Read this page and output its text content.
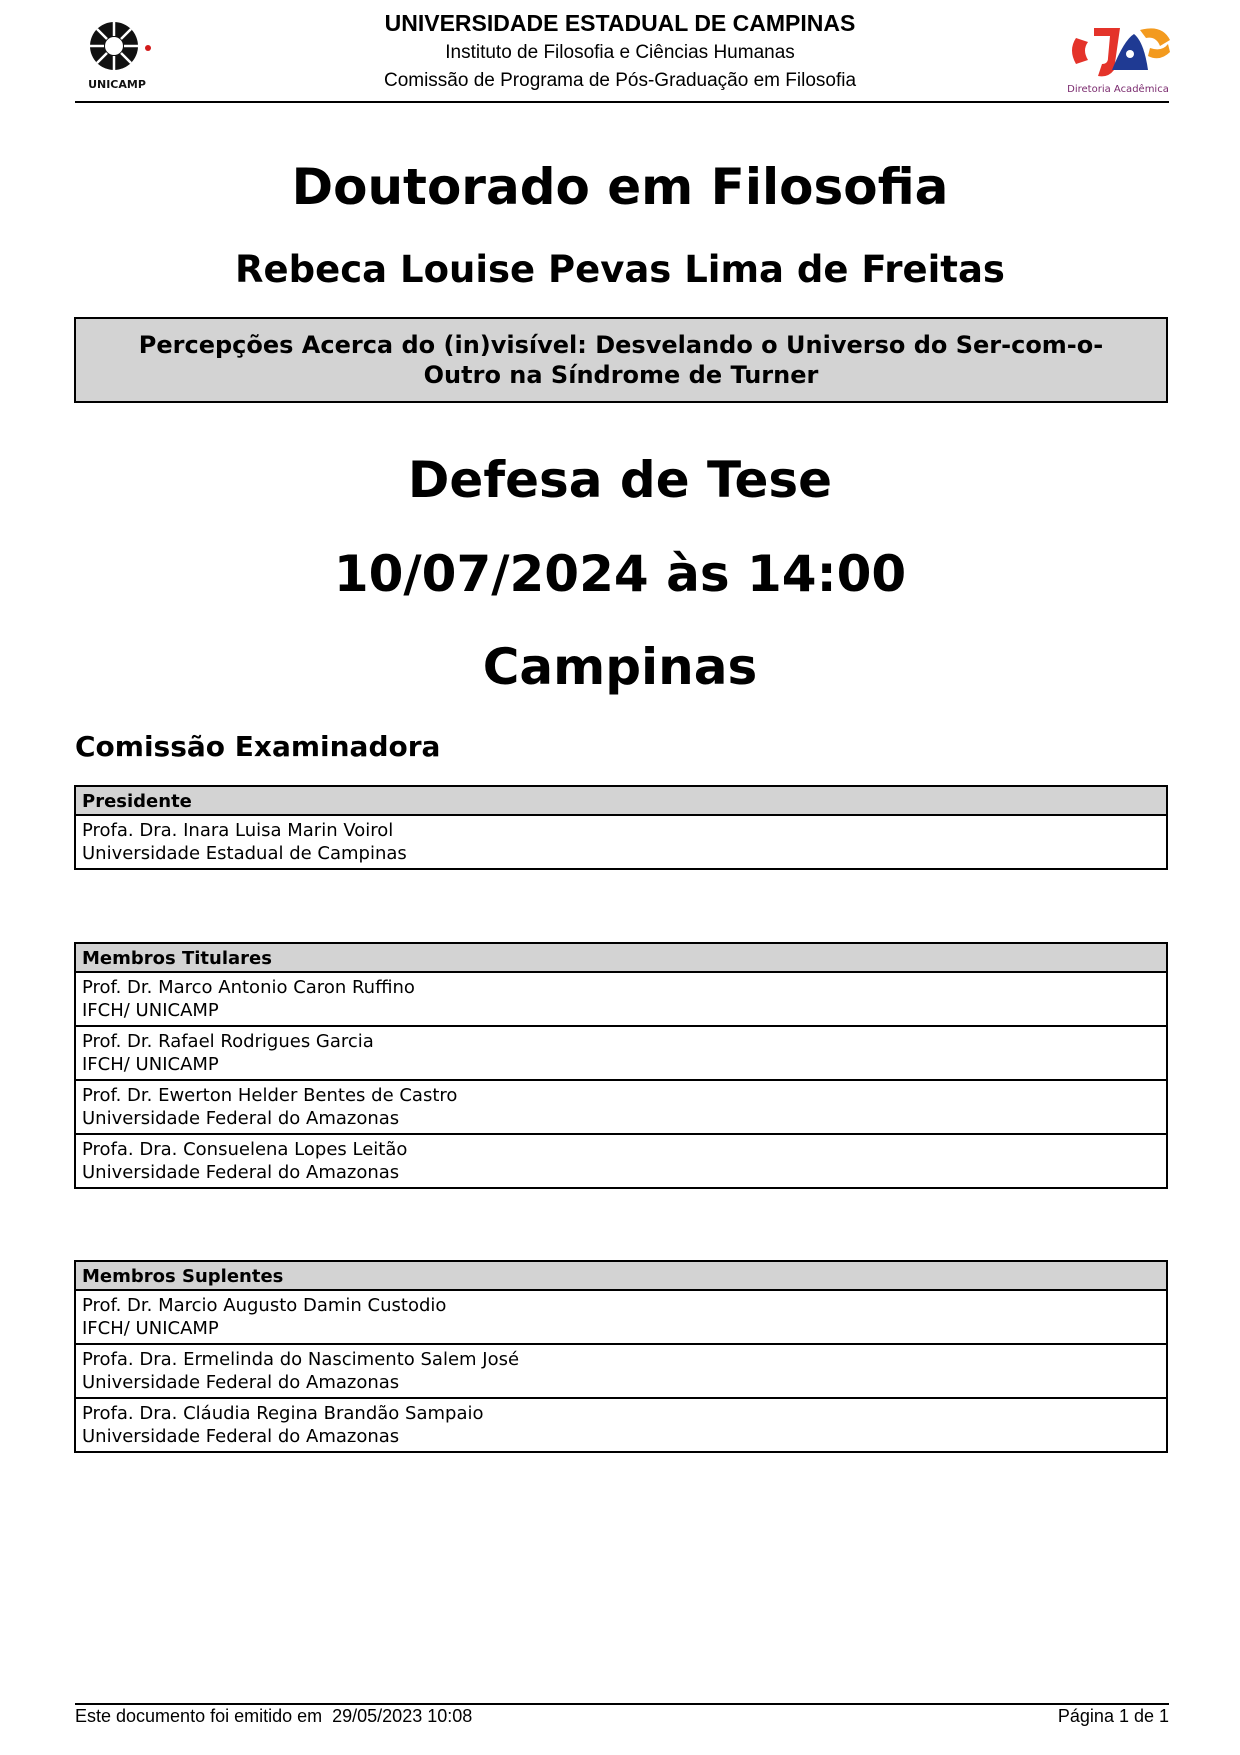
UNICAMP
UNIVERSIDADE ESTADUAL DE CAMPINAS
Instituto de Filosofia e Ciências Humanas
Comissão de Programa de Pós-Graduação em Filosofia	Diretoria Acadêmica
Doutorado em Filosofia
Rebeca Louise Pevas Lima de Freitas
Percepções Acerca do (in)visível: Desvelando o Universo do Ser-com-o-Outro na Síndrome de Turner
Defesa de Tese
10/07/2024 às 14:00
Campinas
Comissão Examinadora
Presidente
Profa. Dra. Inara Luisa Marin Voirol
Universidade Estadual de Campinas
Membros Titulares
Prof. Dr. Marco Antonio Caron Ruffino
IFCH/ UNICAMP
Prof. Dr. Rafael Rodrigues Garcia
IFCH/ UNICAMP
Prof. Dr. Ewerton Helder Bentes de Castro
Universidade Federal do Amazonas
Profa. Dra. Consuelena Lopes Leitão
Universidade Federal do Amazonas
Membros Suplentes
Prof. Dr. Marcio Augusto Damin Custodio
IFCH/ UNICAMP
Profa. Dra. Ermelinda do Nascimento Salem José
Universidade Federal do Amazonas
Profa. Dra. Cláudia Regina Brandão Sampaio
Universidade Federal do Amazonas
Este documento foi emitido em  29/05/2023 10:08	Página 1 de 1
